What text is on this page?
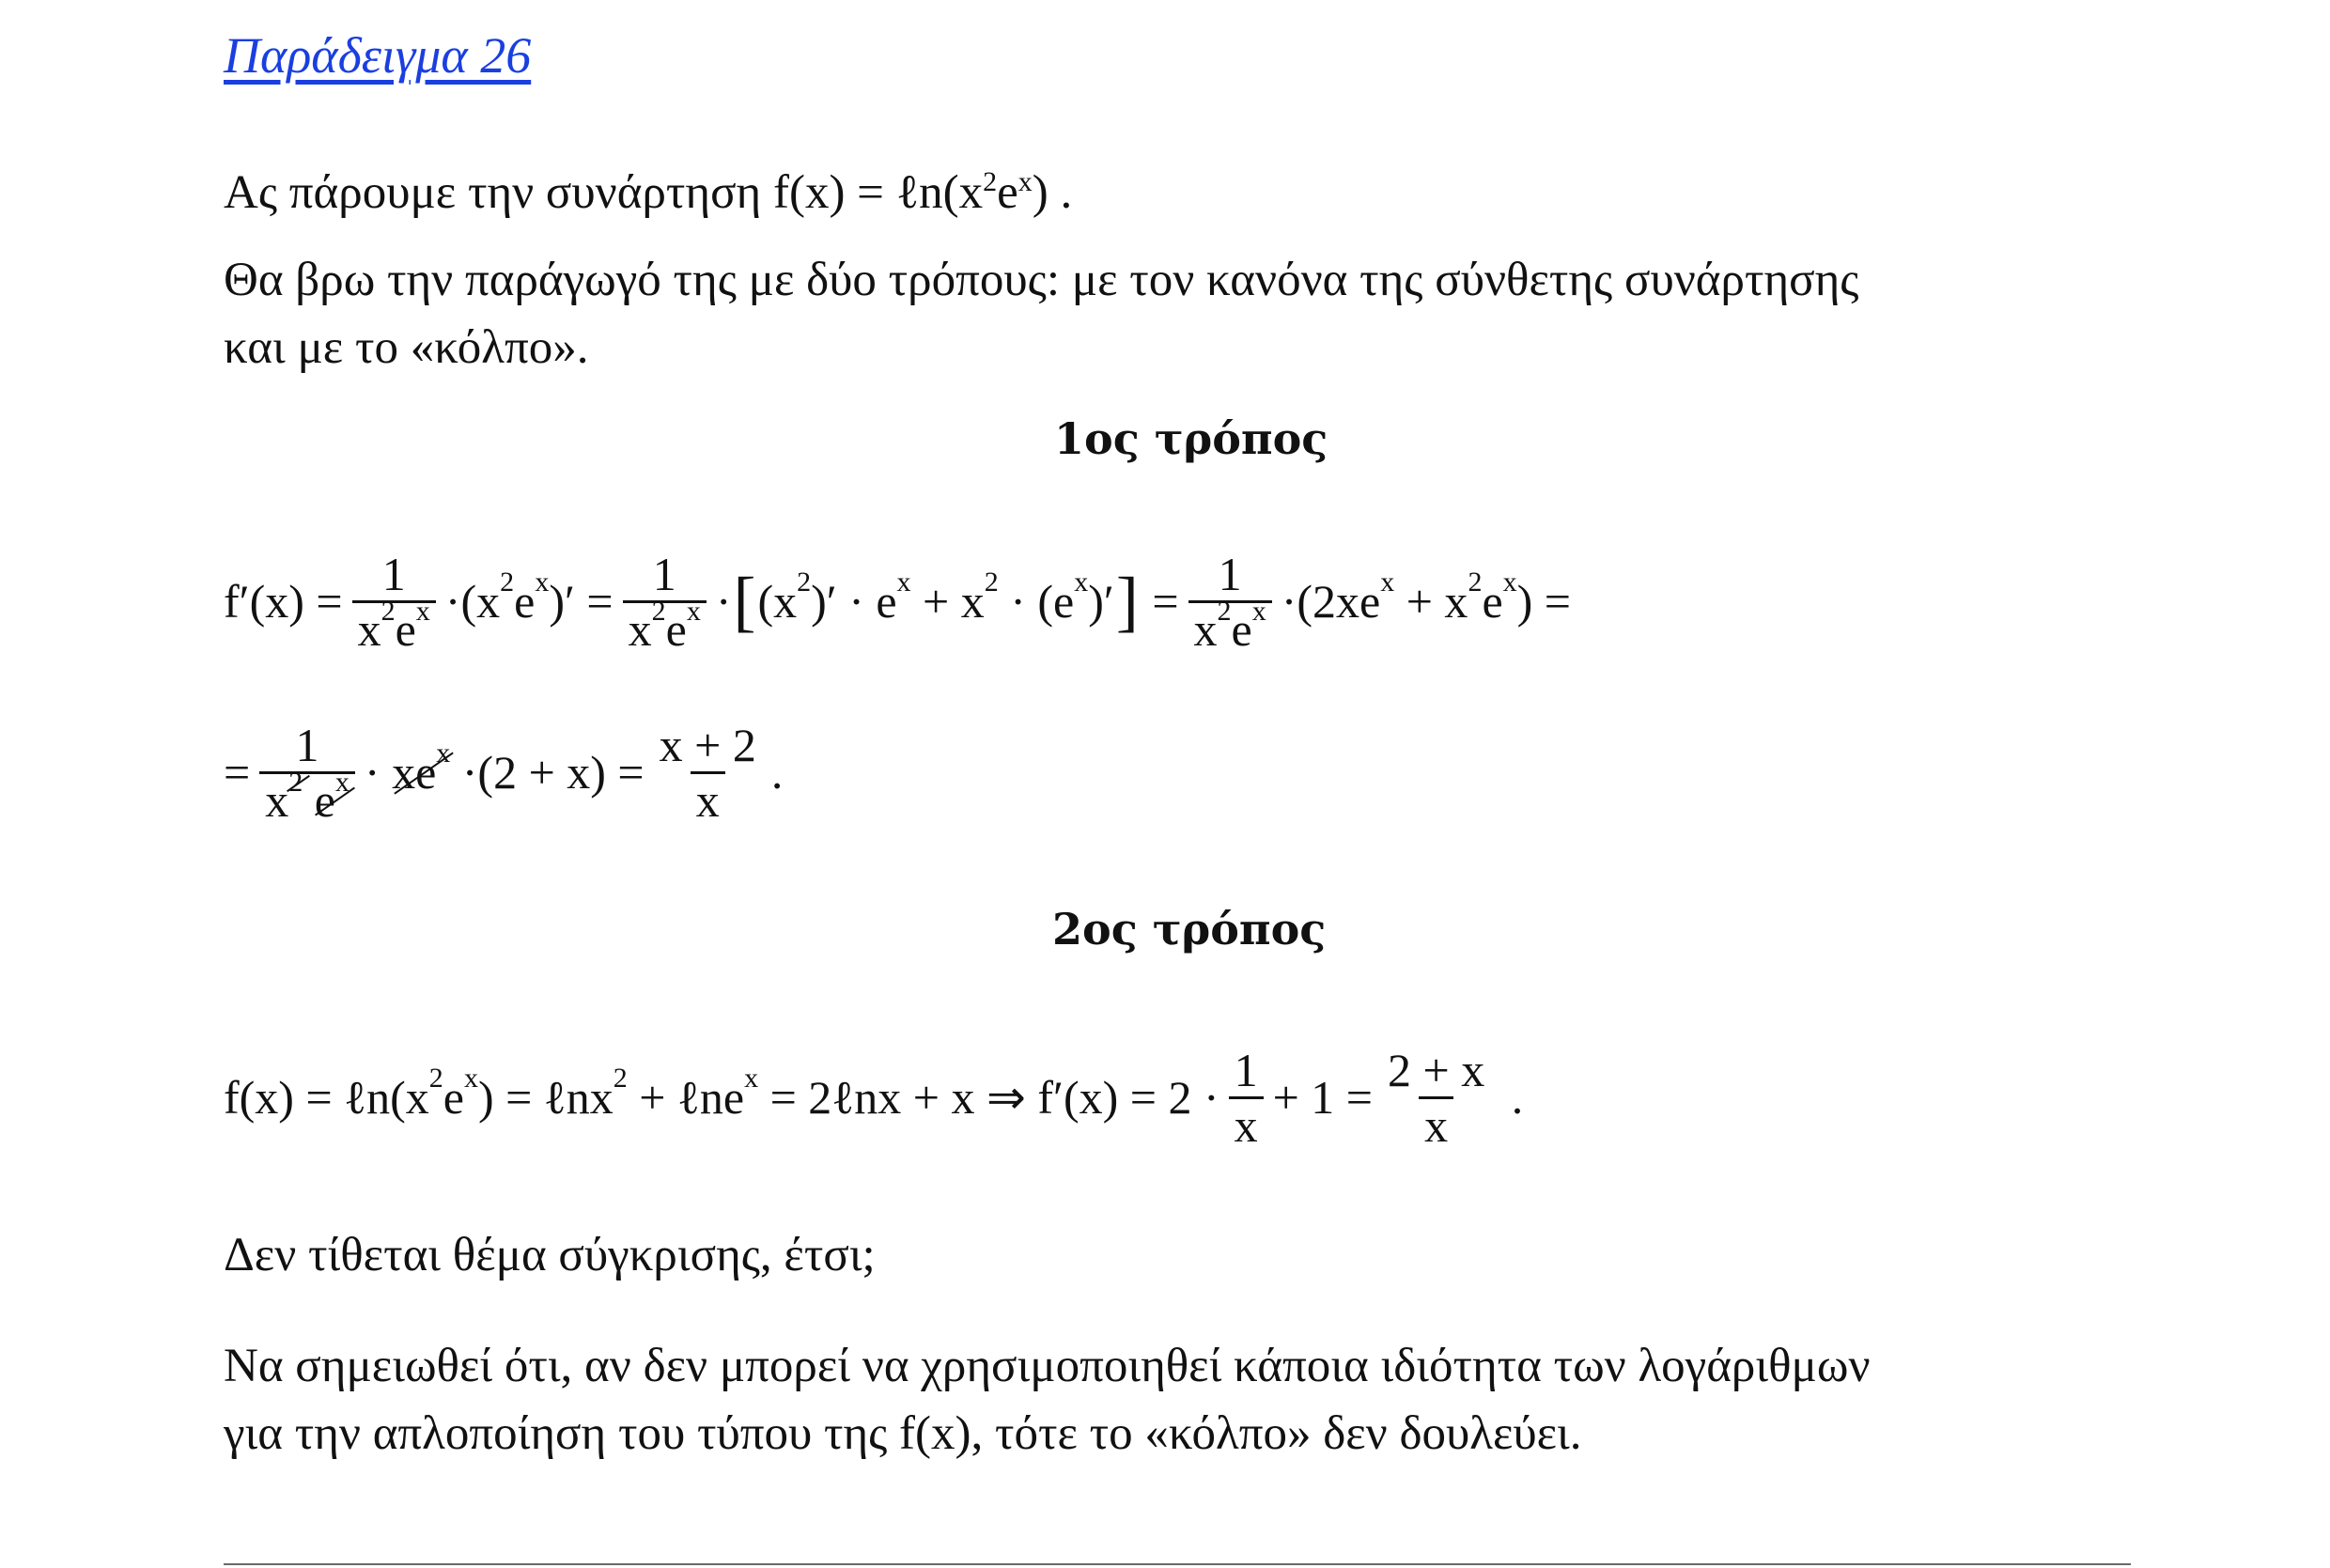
Παράδειγμα 26
Ας πάρουμε την συνάρτηση $f(x) = \ell n(x^2e^x)$ .
Θα βρω την παράγωγό της με δύο τρόπους: με τον κανόνα της σύνθετης συνάρτησης
και με το «κόλπο».
1ος τρόπος
$f'(x) = \frac{1}{x^2e^x} \cdot(x^2e^x)' = \frac{1}{x^2e^x}$ · [ $(x^2)' \cdot e^x + x^2 \cdot (e^x)'$ ] = $\frac{1}{x^2e^x} \cdot(2xe^x + x^2e^x)$ =
= $\frac{1}{x^2 e^x} \cdot xe^x \cdot(2 + x) = \frac{x + 2}{x}$ .
2ος τρόπος
$f(x) = \ell n(x^2e^x)$ = ℓnx$^2$ + ℓne$^x$ = 2ℓnx + x ⇒ $f'(x) = 2 \cdot \frac{1}{x} + 1 = \frac{2 + x}{x}$ .
Δεν τίθεται θέμα σύγκρισης, έτσι;
Να σημειωθεί ότι, αν δεν μπορεί να χρησιμοποιηθεί κάποια ιδιότητα των λογάριθμων
για την απλοποίηση του τύπου της f(x), τότε το «κόλπο» δεν δουλεύει.
